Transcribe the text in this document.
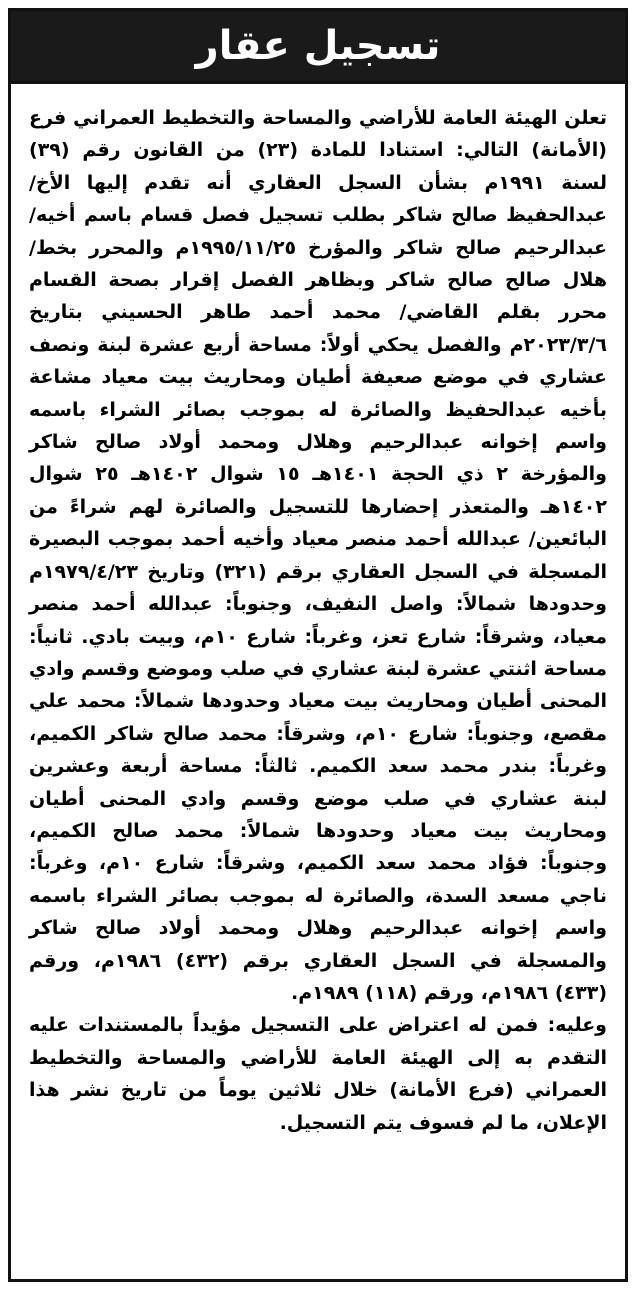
تسجيل عقار

تعلن الهيئة العامة للأراضي والمساحة والتخطيط العمراني فرع (الأمانة) التالي: استنادا للمادة (٢٣) من القانون رقم (٣٩) لسنة ١٩٩١م بشأن السجل العقاري أنه تقدم إليها الأخ/ عبدالحفيظ صالح شاكر بطلب تسجيل فصل قسام باسم أخيه/ عبدالرحيم صالح شاكر والمؤرخ ١٩٩٥/١١/٢٥م والمحرر بخط/ هلال صالح صالح شاكر وبظاهر الفصل إقرار بصحة القسام محرر بقلم القاضي/ محمد أحمد طاهر الحسيني بتاريخ ٢٠٢٣/٣/٦م والفصل يحكي أولاً: مساحة أربع عشرة لبنة ونصف عشاري في موضع صعيفة أطيان ومحاريث بيت معياد مشاعة بأخيه عبدالحفيظ والصائرة له بموجب بصائر الشراء باسمه واسم إخوانه عبدالرحيم وهلال ومحمد أولاد صالح شاكر والمؤرخة ٢ ذي الحجة ١٤٠١هـ ١٥ شوال ١٤٠٢هـ ٢٥ شوال ١٤٠٢هـ والمتعذر إحضارها للتسجيل والصائرة لهم شراءً من البائعين/ عبدالله أحمد منصر معياد وأخيه أحمد بموجب البصيرة المسجلة في السجل العقاري برقم (٣٢١) وتاريخ ١٩٧٩/٤/٢٣م وحدودها شمالاً: واصل النفيف، وجنوباً: عبدالله أحمد منصر معياد، وشرقاً: شارع تعز، وغرباً: شارع ١٠م، وبيت بادي. ثانياً: مساحة اثنتي عشرة لبنة عشاري في صلب وموضع وقسم وادي المحنى أطيان ومحاريث بيت معياد وحدودها شمالاً: محمد علي مقصع، وجنوباً: شارع ١٠م، وشرقاً: محمد صالح شاكر الكميم، وغرباً: بندر محمد سعد الكميم. ثالثاً: مساحة أربعة وعشرين لبنة عشاري في صلب موضع وقسم وادي المحنى أطيان ومحاريث بيت معياد وحدودها شمالاً: محمد صالح الكميم، وجنوباً: فؤاد محمد سعد الكميم، وشرقاً: شارع ١٠م، وغرباً: ناجي مسعد السدة، والصائرة له بموجب بصائر الشراء باسمه واسم إخوانه عبدالرحيم وهلال ومحمد أولاد صالح شاكر والمسجلة في السجل العقاري برقم (٤٣٢) ١٩٨٦م، ورقم (٤٣٣) ١٩٨٦م، ورقم (١١٨) ١٩٨٩م.

وعليه: فمن له اعتراض على التسجيل مؤيداً بالمستندات عليه التقدم به إلى الهيئة العامة للأراضي والمساحة والتخطيط العمراني (فرع الأمانة) خلال ثلاثين يوماً من تاريخ نشر هذا الإعلان، ما لم فسوف يتم التسجيل.
